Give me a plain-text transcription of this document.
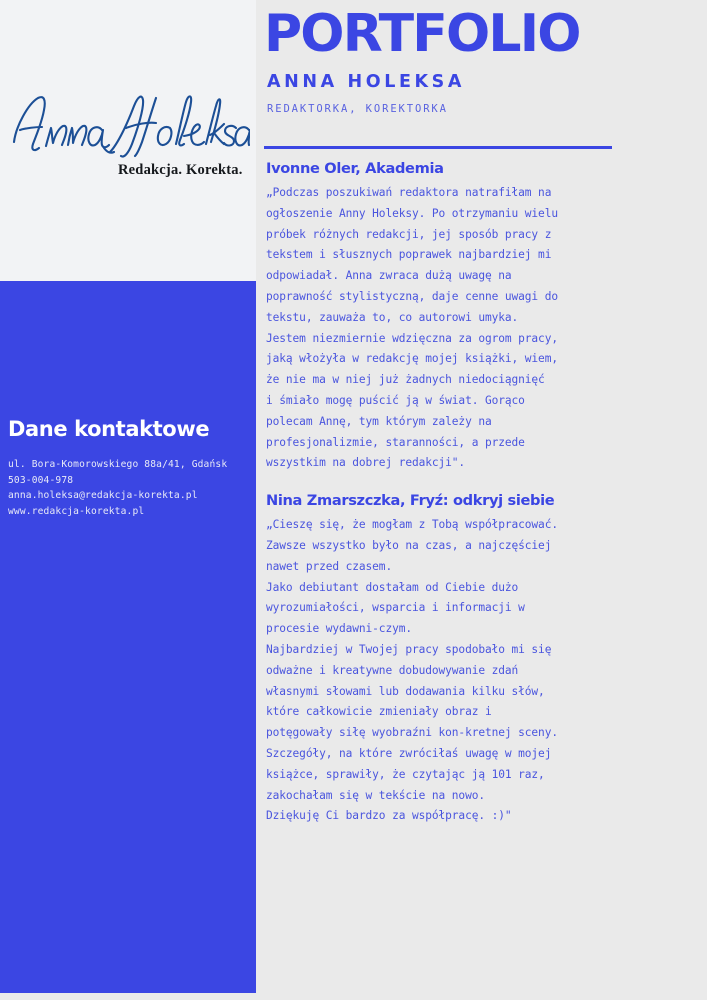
Redakcja. Korekta.
Dane kontaktowe
ul. Bora-Komorowskiego 88a/41, Gdańsk
503-004-978
anna.holeksa@redakcja-korekta.pl
www.redakcja-korekta.pl
PORTFOLIO
ANNA HOLEKSA
REDAKTORKA, KOREKTORKA
Ivonne Oler, Akademia
„Podczas poszukiwań redaktora natrafiłam na
ogłoszenie Anny Holeksy. Po otrzymaniu wielu
próbek różnych redakcji, jej sposób pracy z
tekstem i słusznych poprawek najbardziej mi
odpowiadał. Anna zwraca dużą uwagę na
poprawność stylistyczną, daje cenne uwagi do
tekstu, zauważa to, co autorowi umyka.
Jestem niezmiernie wdzięczna za ogrom pracy,
jaką włożyła w redakcję mojej książki, wiem,
że nie ma w niej już żadnych niedociągnięć
i śmiało mogę puścić ją w świat. Gorąco
polecam Annę, tym którym zależy na
profesjonalizmie, staranności, a przede
wszystkim na dobrej redakcji".
Nina Zmarszczka, Fryź: odkryj siebie
„Cieszę się, że mogłam z Tobą współpracować.
Zawsze wszystko było na czas, a najczęściej
nawet przed czasem.
Jako debiutant dostałam od Ciebie dużo
wyrozumiałości, wsparcia i informacji w
procesie wydawni-czym.
Najbardziej w Twojej pracy spodobało mi się
odważne i kreatywne dobudowywanie zdań
własnymi słowami lub dodawania kilku słów,
które całkowicie zmieniały obraz i
potęgowały siłę wyobraźni kon-kretnej sceny.
Szczegóły, na które zwróciłaś uwagę w mojej
książce, sprawiły, że czytając ją 101 raz,
zakochałam się w tekście na nowo.
Dziękuję Ci bardzo za współpracę. :)"
